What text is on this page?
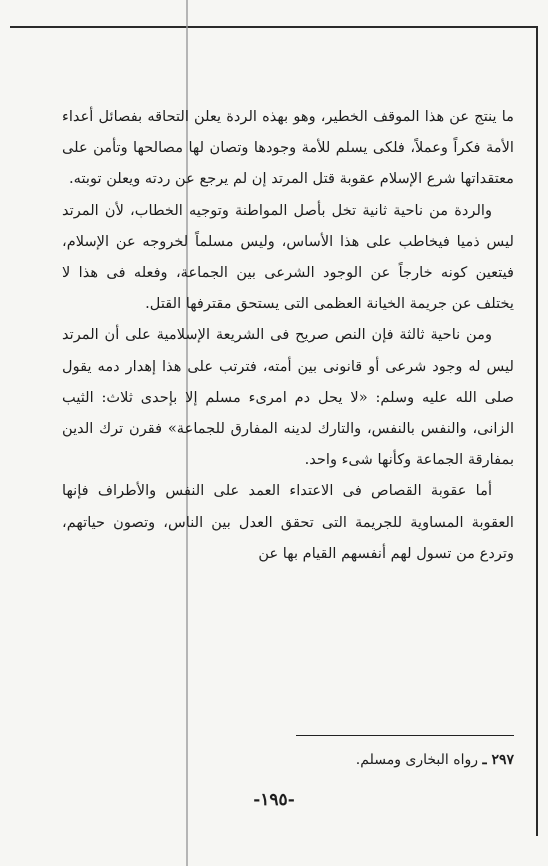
ما ينتج عن هذا الموقف الخطير، وهو بهذه الردة يعلن التحاقه بفصائل أعداء الأمة فكراً وعملاً، فلكى يسلم للأمة وجودها وتصان لها مصالحها وتأمن على معتقداتها شرع الإسلام عقوبة قتل المرتد إن لم يرجع عن ردته ويعلن توبته.

والردة من ناحية ثانية تخل بأصل المواطنة وتوجيه الخطاب، لأن المرتد ليس ذميا فيخاطب على هذا الأساس، وليس مسلماً لخروجه عن الإسلام، فيتعين كونه خارجاً عن الوجود الشرعى بين الجماعة، وفعله فى هذا لا يختلف عن جريمة الخيانة العظمى التى يستحق مقترفها القتل.

ومن ناحية ثالثة فإن النص صريح فى الشريعة الإسلامية على أن المرتد ليس له وجود شرعى أو قانونى بين أمته، فترتب على هذا إهدار دمه يقول صلى الله عليه وسلم: «لا يحل دم امرىء مسلم إلا بإحدى ثلاث: الثيب الزانى، والنفس بالنفس، والتارك لدينه المفارق للجماعة» فقرن ترك الدين بمفارقة الجماعة وكأنها شىء واحد.

أما عقوبة القصاص فى الاعتداء العمد على النفس والأطراف فإنها العقوبة المساوية للجريمة التى تحقق العدل بين الناس، وتصون حياتهم، وتردع من تسول لهم أنفسهم القيام بها عن

٢٩٧ ـ رواه البخارى ومسلم.
-١٩٥-
